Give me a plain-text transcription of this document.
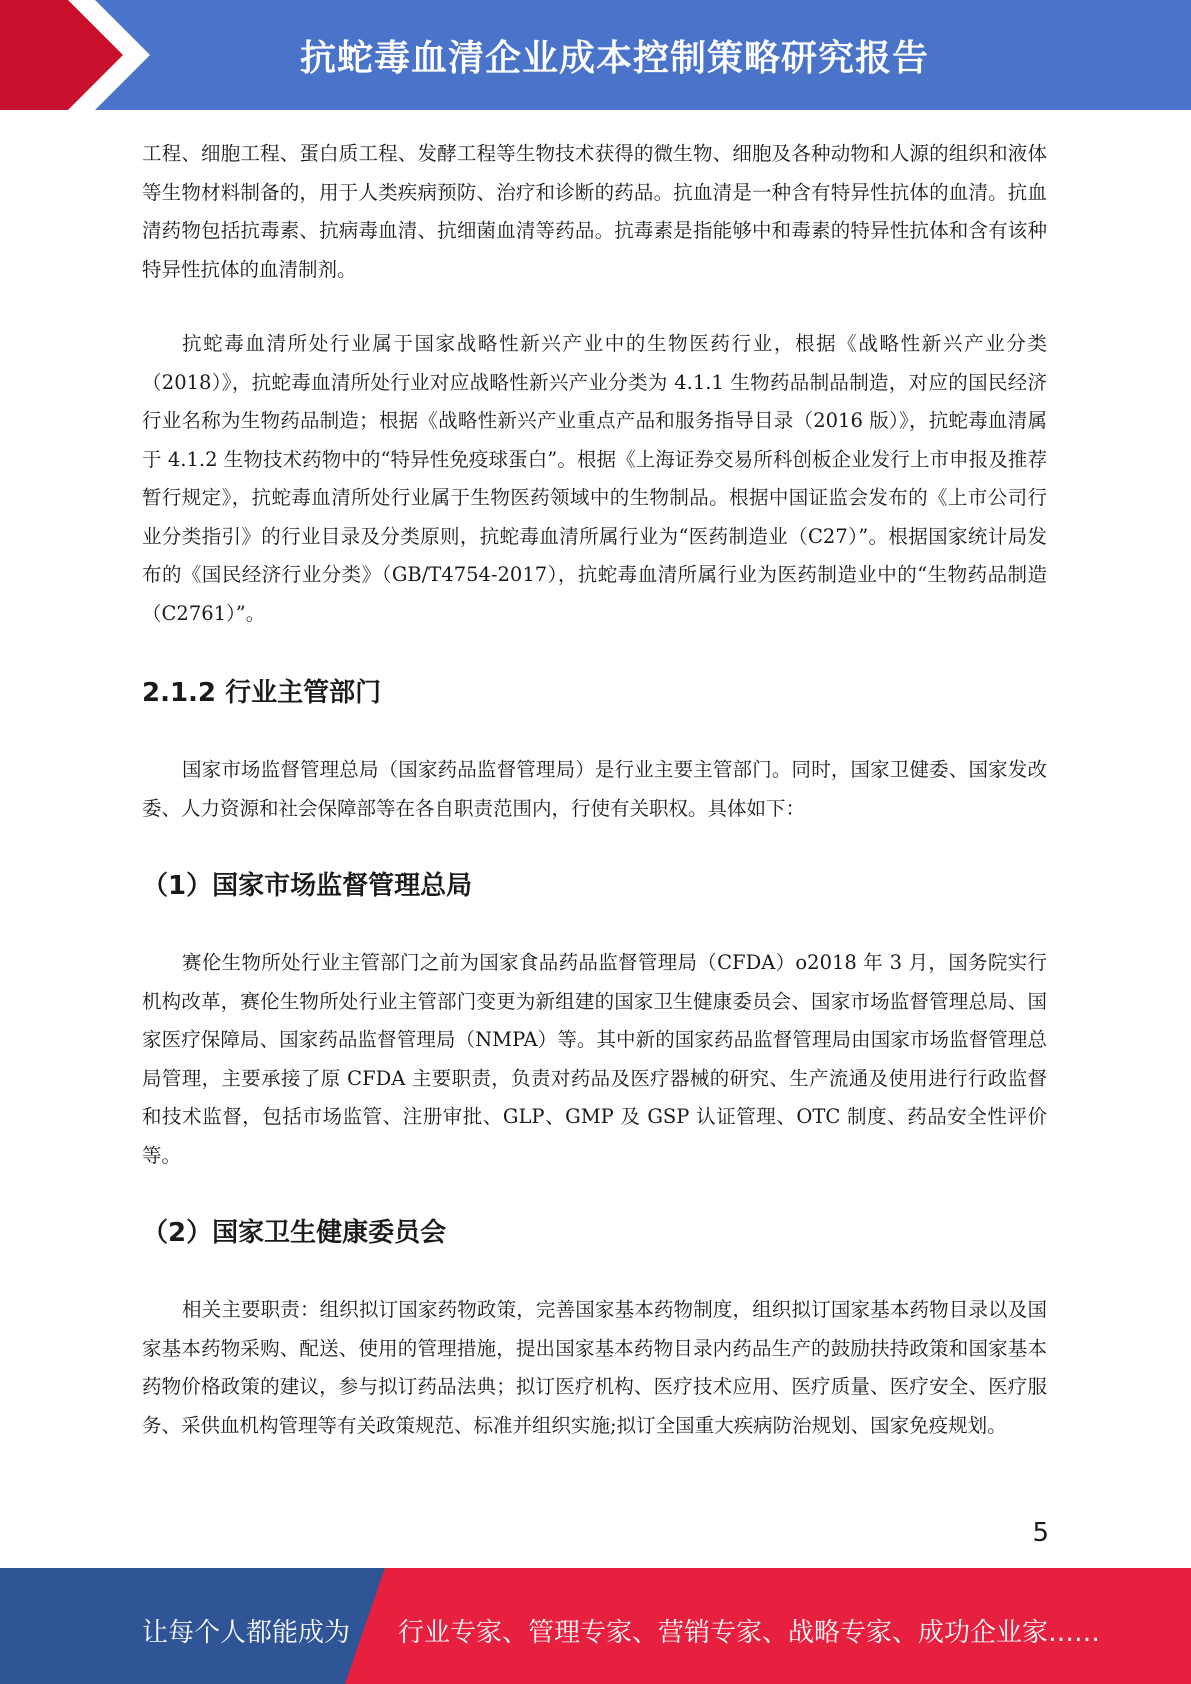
抗蛇毒血清企业成本控制策略研究报告

工程、细胞工程、蛋白质工程、发酵工程等生物技术获得的微生物、细胞及各种动物和人源的组织和液体等生物材料制备的，用于人类疾病预防、治疗和诊断的药品。抗血清是一种含有特异性抗体的血清。抗血清药物包括抗毒素、抗病毒血清、抗细菌血清等药品。抗毒素是指能够中和毒素的特异性抗体和含有该种特异性抗体的血清制剂。

抗蛇毒血清所处行业属于国家战略性新兴产业中的生物医药行业，根据《战略性新兴产业分类（2018）》，抗蛇毒血清所处行业对应战略性新兴产业分类为 4.1.1 生物药品制品制造，对应的国民经济行业名称为生物药品制造；根据《战略性新兴产业重点产品和服务指导目录（2016 版）》，抗蛇毒血清属于 4.1.2 生物技术药物中的“特异性免疫球蛋白”。根据《上海证券交易所科创板企业发行上市申报及推荐暂行规定》，抗蛇毒血清所处行业属于生物医药领域中的生物制品。根据中国证监会发布的《上市公司行业分类指引》的行业目录及分类原则，抗蛇毒血清所属行业为“医药制造业（C27）”。根据国家统计局发布的《国民经济行业分类》（GB/T4754-2017），抗蛇毒血清所属行业为医药制造业中的“生物药品制造（C2761）”。

2.1.2 行业主管部门

国家市场监督管理总局（国家药品监督管理局）是行业主要主管部门。同时，国家卫健委、国家发改委、人力资源和社会保障部等在各自职责范围内，行使有关职权。具体如下：

（1）国家市场监督管理总局

赛伦生物所处行业主管部门之前为国家食品药品监督管理局（CFDA）o2018 年 3 月，国务院实行机构改革，赛伦生物所处行业主管部门变更为新组建的国家卫生健康委员会、国家市场监督管理总局、国家医疗保障局、国家药品监督管理局（NMPA）等。其中新的国家药品监督管理局由国家市场监督管理总局管理，主要承接了原 CFDA 主要职责，负责对药品及医疗器械的研究、生产流通及使用进行行政监督和技术监督，包括市场监管、注册审批、GLP、GMP 及 GSP 认证管理、OTC 制度、药品安全性评价等。

（2）国家卫生健康委员会

相关主要职责：组织拟订国家药物政策，完善国家基本药物制度，组织拟订国家基本药物目录以及国家基本药物采购、配送、使用的管理措施，提出国家基本药物目录内药品生产的鼓励扶持政策和国家基本药物价格政策的建议，参与拟订药品法典；拟订医疗机构、医疗技术应用、医疗质量、医疗安全、医疗服务、采供血机构管理等有关政策规范、标准并组织实施;拟订全国重大疾病防治规划、国家免疫规划。

5
让每个人都能成为 行业专家、管理专家、营销专家、战略专家、成功企业家……
